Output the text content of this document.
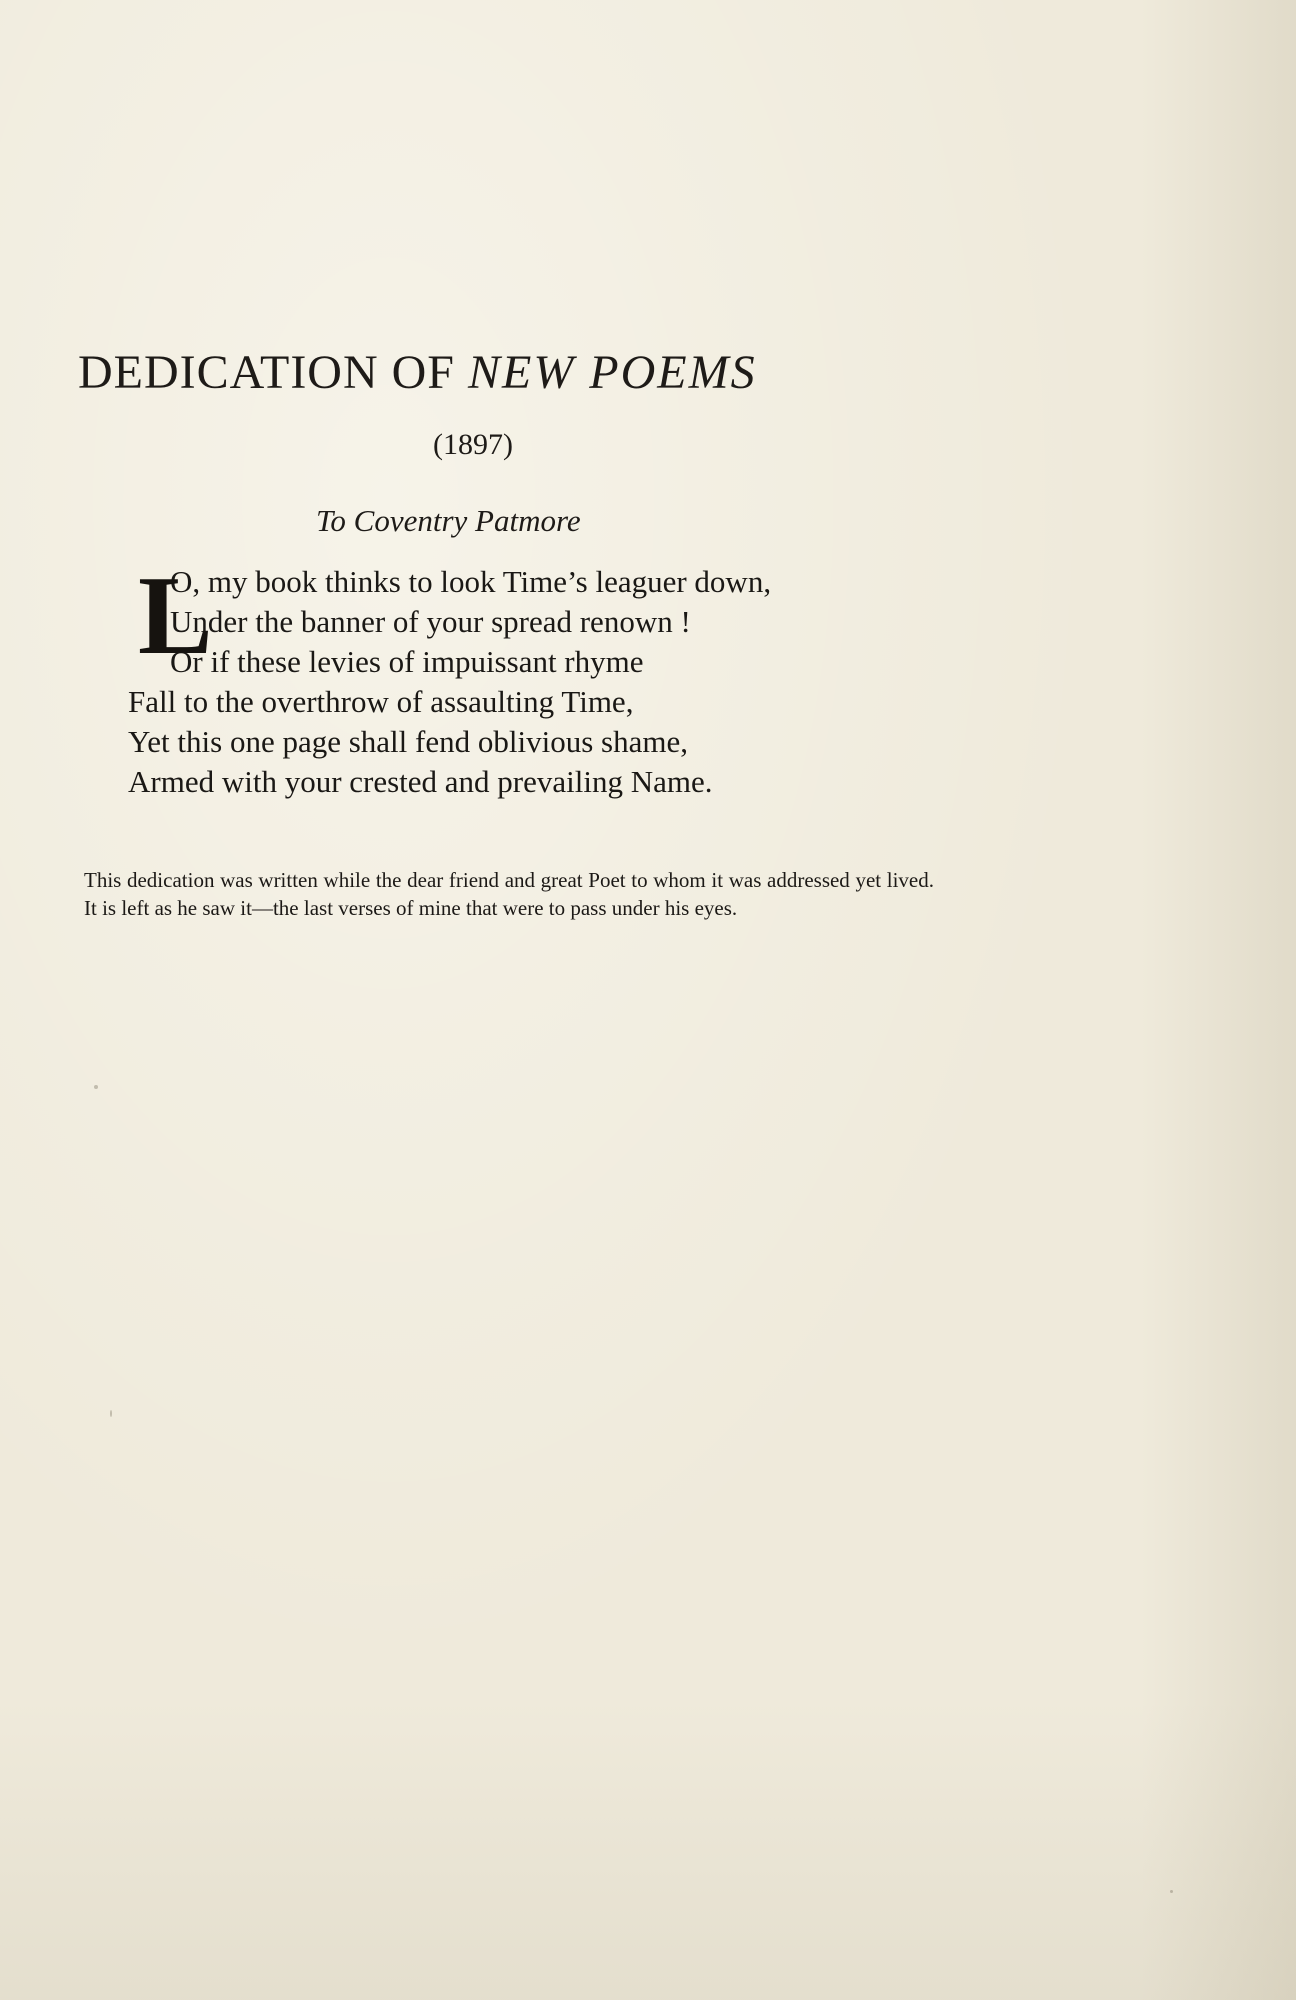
DEDICATION OF NEW POEMS
(1897)
To Coventry Patmore
L
O, my book thinks to look Time’s leaguer down,
Under the banner of your spread renown !
Or if these levies of impuissant rhyme
Fall to the overthrow of assaulting Time,
Yet this one page shall fend oblivious shame,
Armed with your crested and prevailing Name.
This dedication was written while the dear friend and great Poet to whom it was addressed yet lived. It is left as he saw it—the last verses of mine that were to pass under his eyes.
